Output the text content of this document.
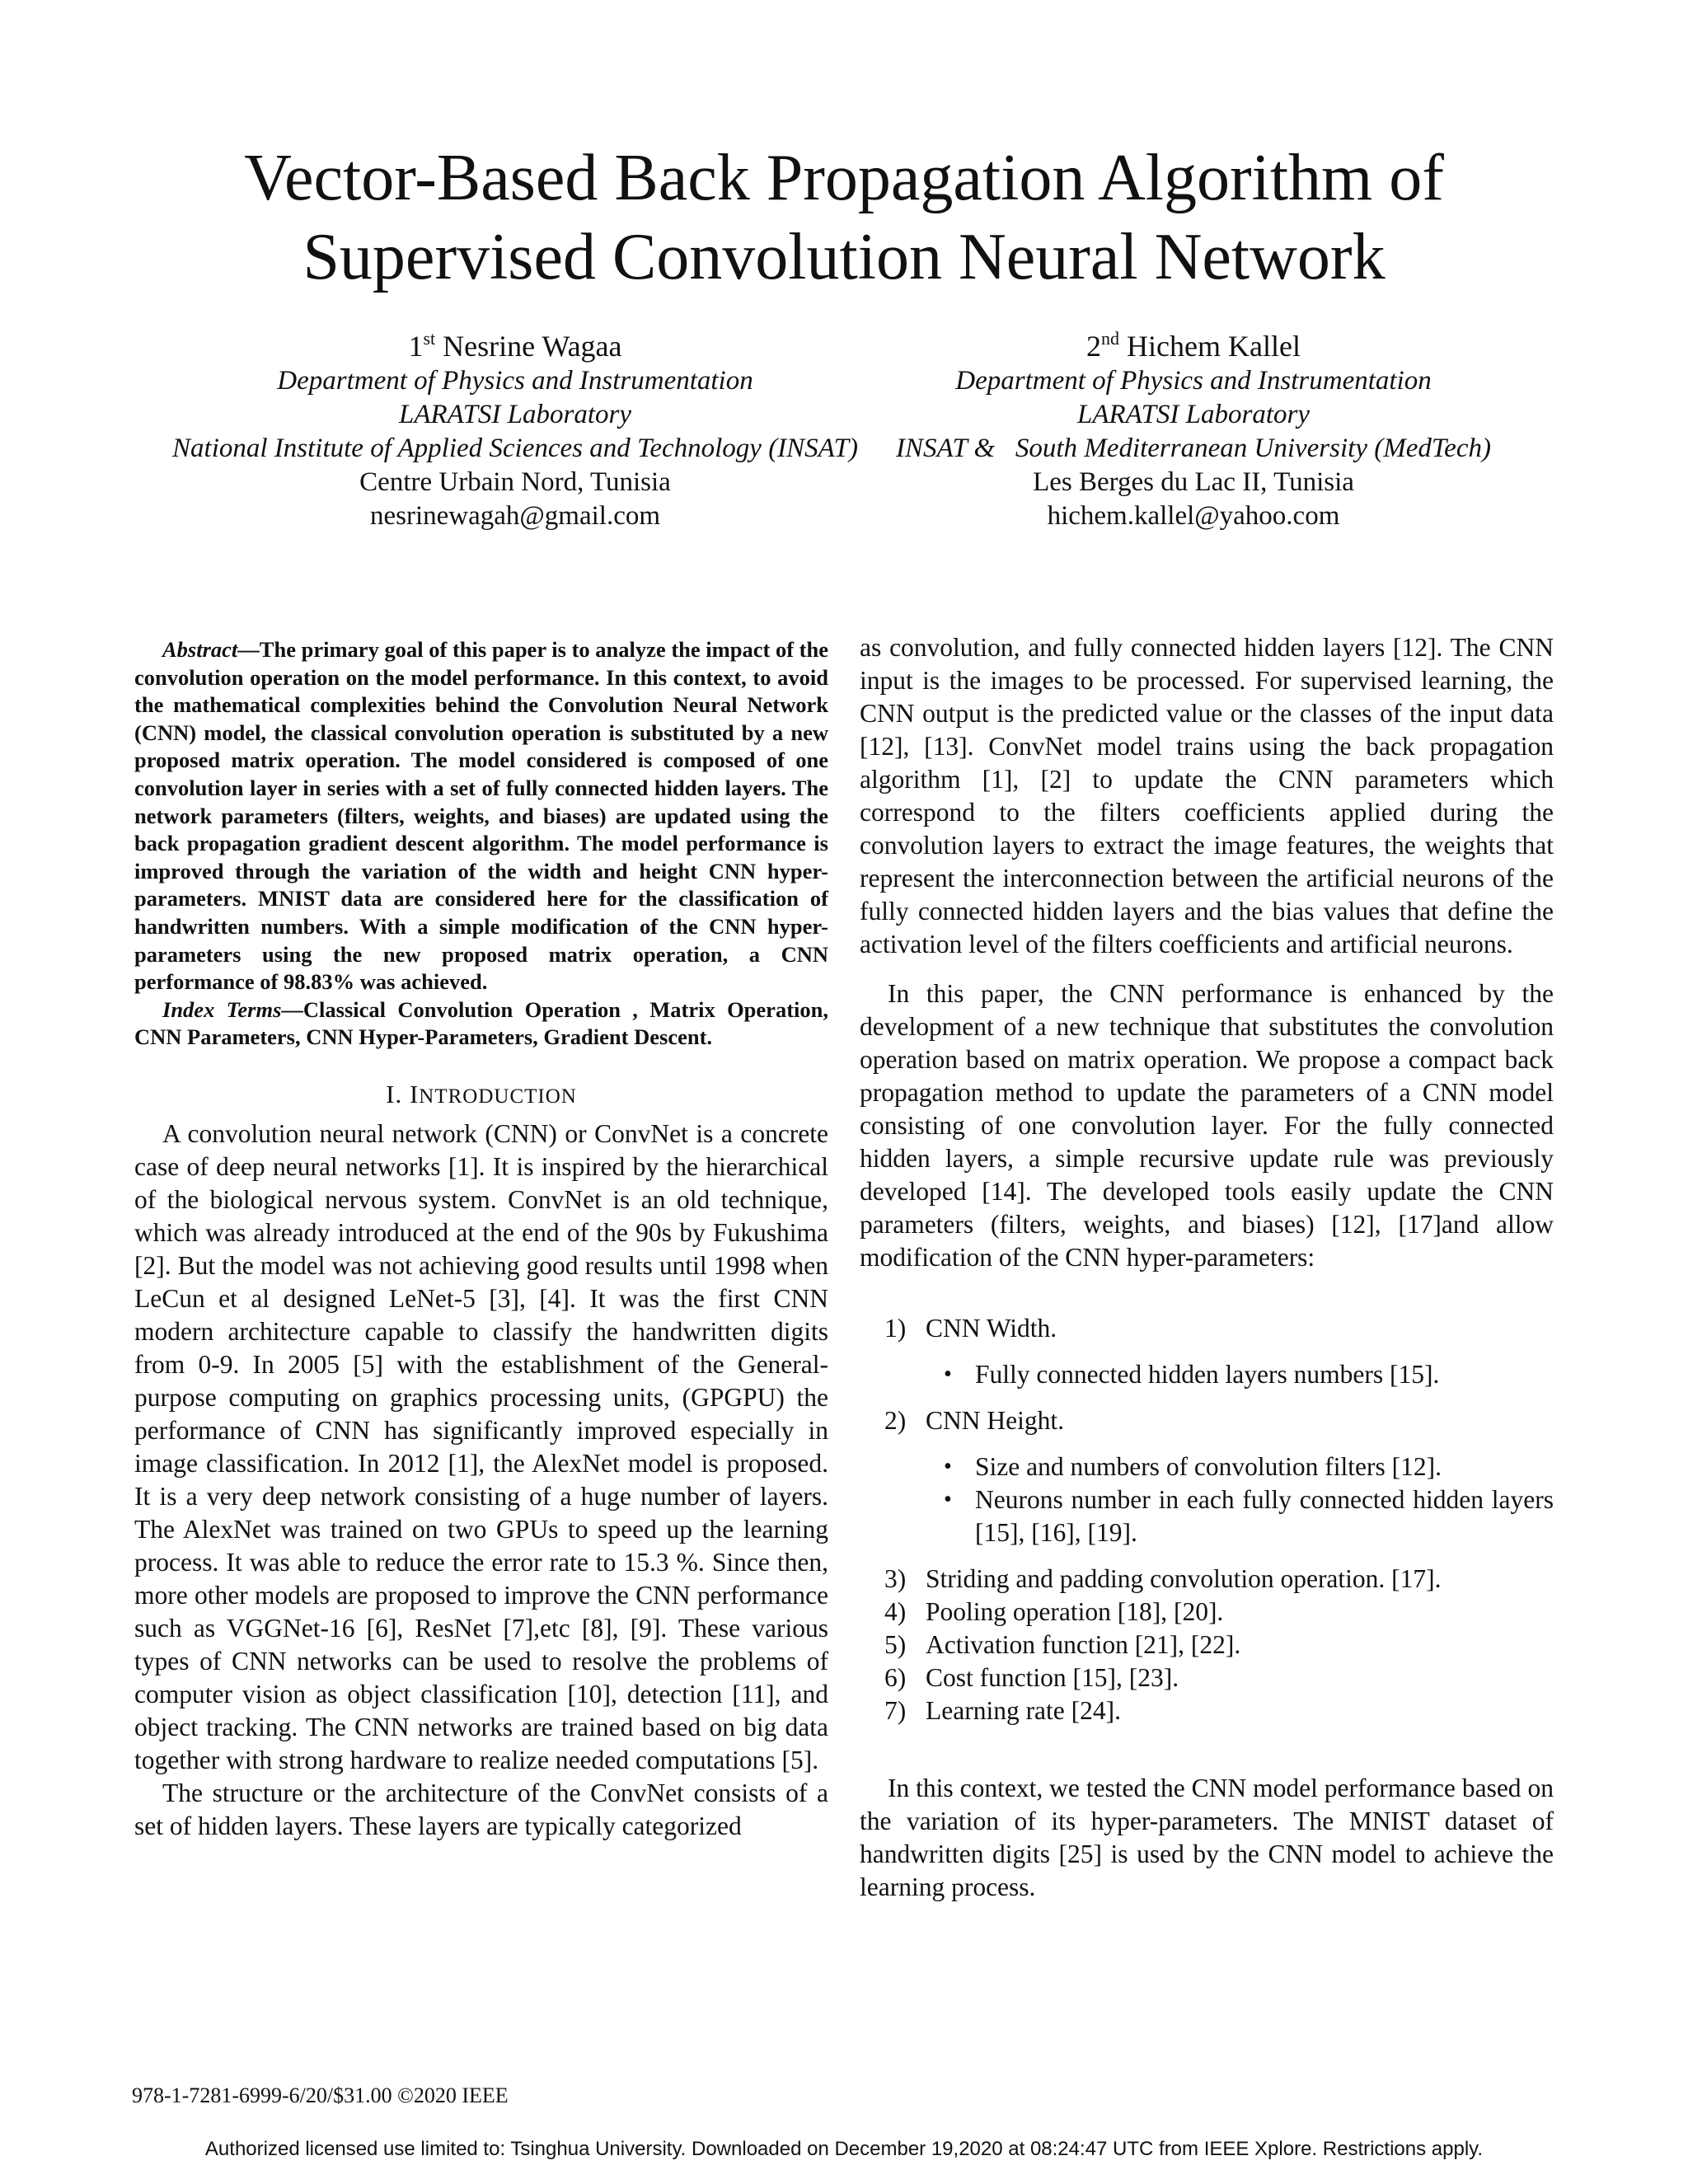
Vector-Based Back Propagation Algorithm of
Supervised Convolution Neural Network
1st Nesrine Wagaa
Department of Physics and Instrumentation
LARATSI Laboratory
National Institute of Applied Sciences and Technology (INSAT)
Centre Urbain Nord, Tunisia
nesrinewagah@gmail.com
2nd Hichem Kallel
Department of Physics and Instrumentation
LARATSI Laboratory
INSAT &   South Mediterranean University (MedTech)
Les Berges du Lac II, Tunisia
hichem.kallel@yahoo.com

Abstract—The primary goal of this paper is to analyze the impact of the convolution operation on the model performance. In this context, to avoid the mathematical complexities behind the Convolution Neural Network (CNN) model, the classical convolution operation is substituted by a new proposed matrix operation. The model considered is composed of one convolution layer in series with a set of fully connected hidden layers. The network parameters (filters, weights, and biases) are updated using the back propagation gradient descent algorithm. The model performance is improved through the variation of the width and height CNN hyper-parameters. MNIST data are considered here for the classification of handwritten numbers. With a simple modification of the CNN hyper-parameters using the new proposed matrix operation, a CNN performance of 98.83% was achieved.

Index Terms—Classical Convolution Operation , Matrix Operation, CNN Parameters, CNN Hyper-Parameters, Gradient Descent.

I. INTRODUCTION

A convolution neural network (CNN) or ConvNet is a concrete case of deep neural networks [1]. It is inspired by the hierarchical of the biological nervous system. ConvNet is an old technique, which was already introduced at the end of the 90s by Fukushima [2]. But the model was not achieving good results until 1998 when LeCun et al designed LeNet-5 [3], [4]. It was the first CNN modern architecture capable to classify the handwritten digits from 0-9. In 2005 [5] with the establishment of the General-purpose computing on graphics processing units, (GPGPU) the performance of CNN has significantly improved especially in image classification. In 2012 [1], the AlexNet model is proposed. It is a very deep network consisting of a huge number of layers. The AlexNet was trained on two GPUs to speed up the learning process. It was able to reduce the error rate to 15.3 %. Since then, more other models are proposed to improve the CNN performance such as VGGNet-16 [6], ResNet [7],etc [8], [9]. These various types of CNN networks can be used to resolve the problems of computer vision as object classification [10], detection [11], and object tracking. The CNN networks are trained based on big data together with strong hardware to realize needed computations [5].

The structure or the architecture of the ConvNet consists of a set of hidden layers. These layers are typically categorized

as convolution, and fully connected hidden layers [12]. The CNN input is the images to be processed. For supervised learning, the CNN output is the predicted value or the classes of the input data [12], [13]. ConvNet model trains using the back propagation algorithm [1], [2] to update the CNN parameters which correspond to the filters coefficients applied during the convolution layers to extract the image features, the weights that represent the interconnection between the artificial neurons of the fully connected hidden layers and the bias values that define the activation level of the filters coefficients and artificial neurons.

In this paper, the CNN performance is enhanced by the development of a new technique that substitutes the convolution operation based on matrix operation. We propose a compact back propagation method to update the parameters of a CNN model consisting of one convolution layer. For the fully connected hidden layers, a simple recursive update rule was previously developed [14]. The developed tools easily update the CNN parameters (filters, weights, and biases) [12], [17]and allow modification of the CNN hyper-parameters:

1) CNN Width.
• Fully connected hidden layers numbers [15].
2) CNN Height.
• Size and numbers of convolution filters [12].
• Neurons number in each fully connected hidden layers [15], [16], [19].
3) Striding and padding convolution operation. [17].
4) Pooling operation [18], [20].
5) Activation function [21], [22].
6) Cost function [15], [23].
7) Learning rate [24].

In this context, we tested the CNN model performance based on the variation of its hyper-parameters. The MNIST dataset of handwritten digits [25] is used by the CNN model to achieve the learning process.

978-1-7281-6999-6/20/$31.00 ©2020 IEEE
Authorized licensed use limited to: Tsinghua University. Downloaded on December 19,2020 at 08:24:47 UTC from IEEE Xplore. Restrictions apply.
